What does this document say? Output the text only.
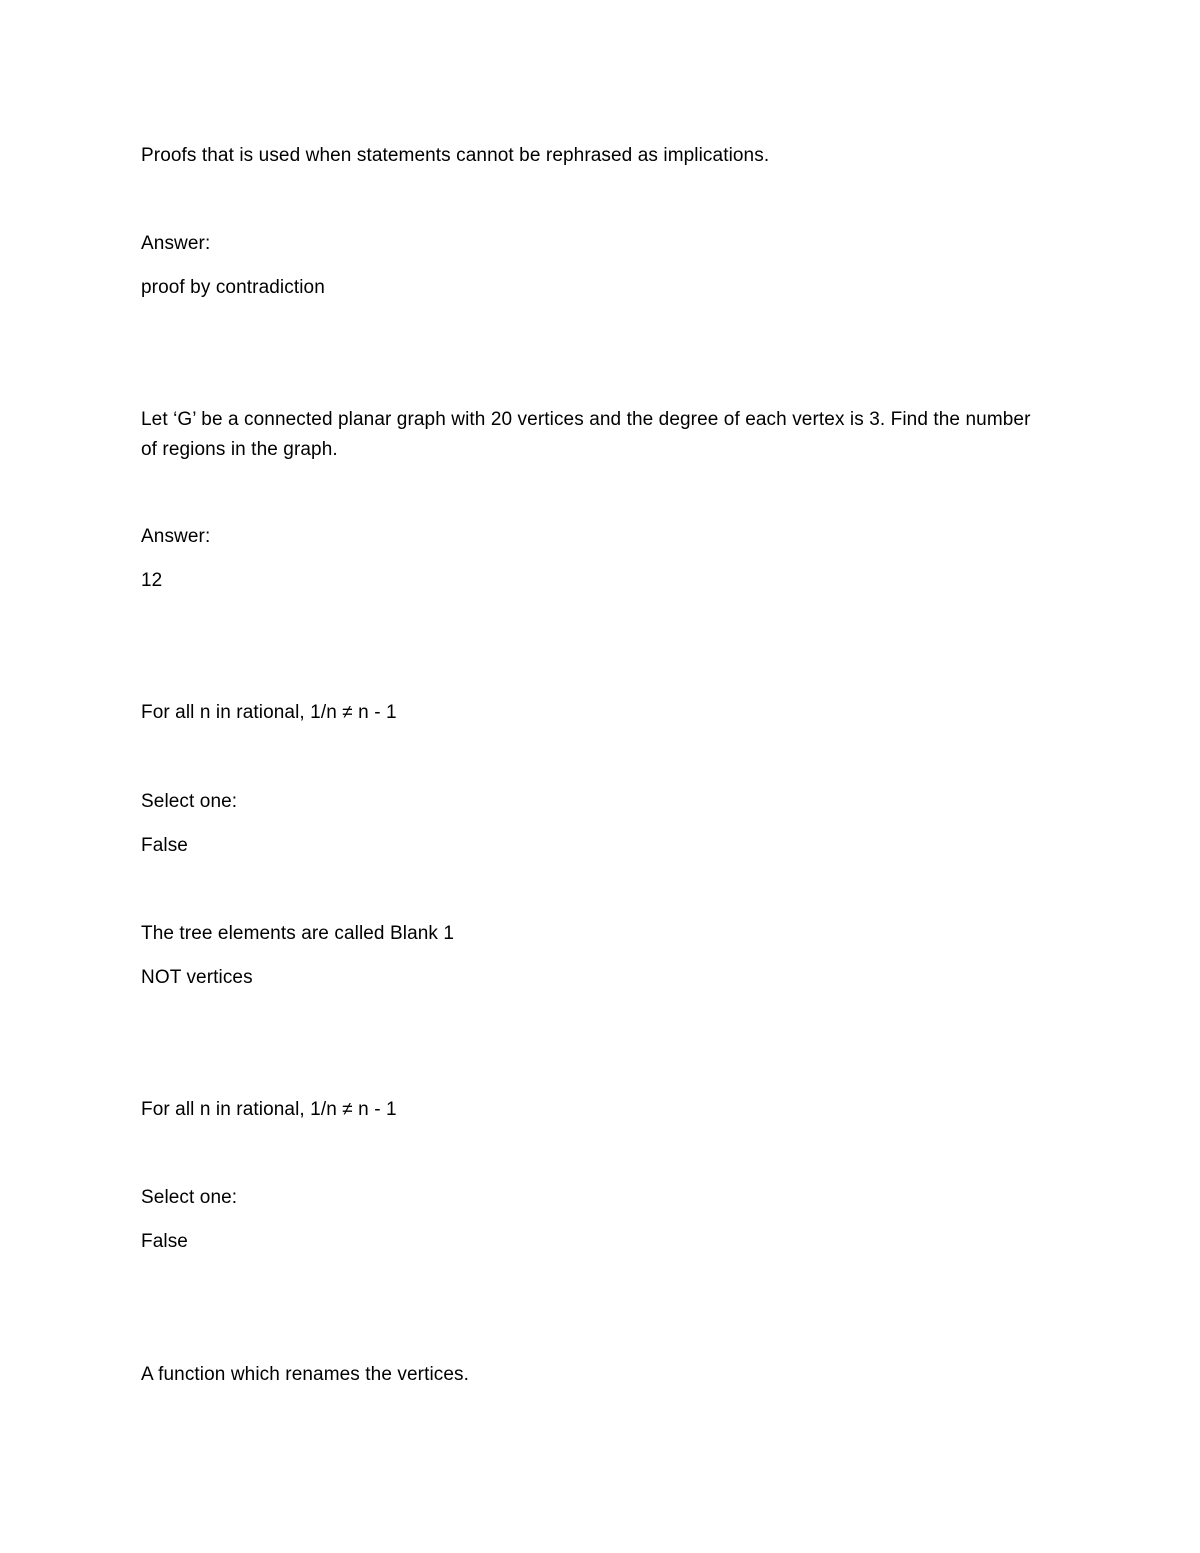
Proofs that is used when statements cannot be rephrased as implications.
Answer:
proof by contradiction
Let ‘G’ be a connected planar graph with 20 vertices and the degree of each vertex is 3. Find the number
of regions in the graph.
Answer:
12
For all n in rational, 1/n ≠ n - 1
Select one:
False
The tree elements are called Blank 1
NOT vertices
For all n in rational, 1/n ≠ n - 1
Select one:
False
A function which renames the vertices.
